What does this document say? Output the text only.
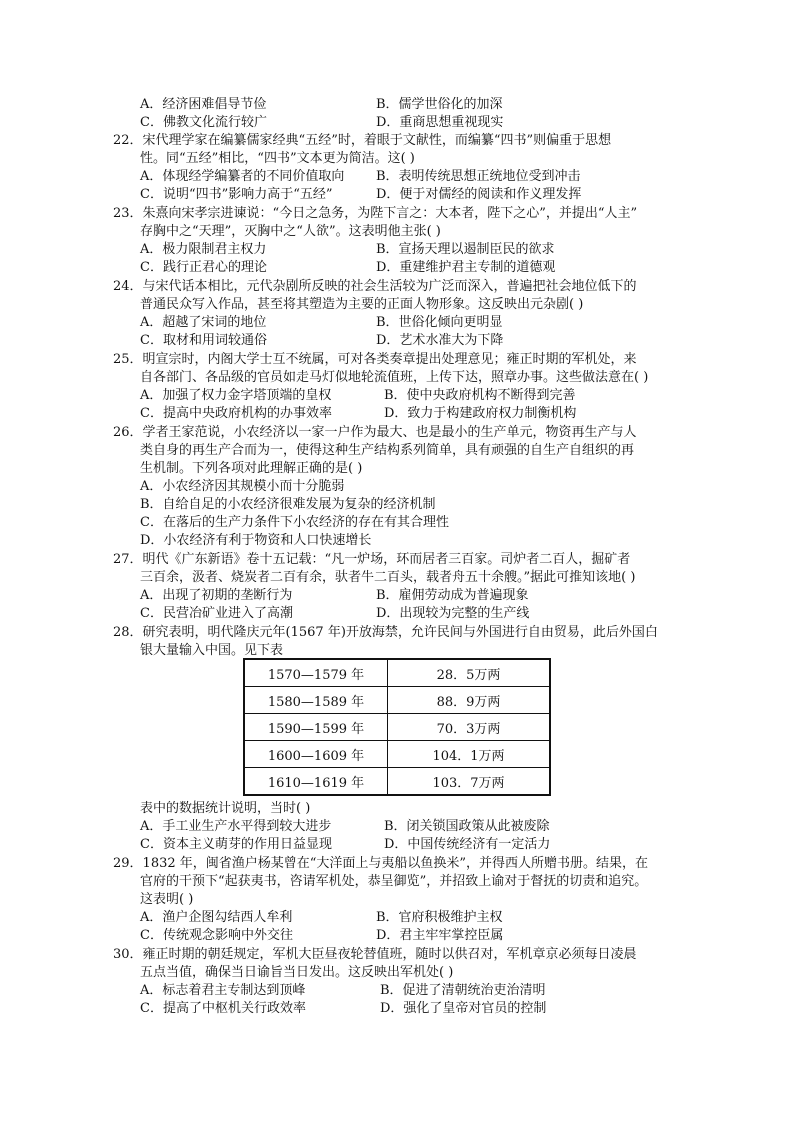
A．经济困难倡导节俭	B．儒学世俗化的加深
C．佛教文化流行较广	D．重商思想重视现实
22．宋代理学家在编纂儒家经典“五经”时，着眼于文献性，而编纂“四书”则偏重于思想
性。同“五经”相比，“四书”文本更为简洁。这( )
A．体现经学编纂者的不同价值取向 B．表明传统思想正统地位受到冲击
C．说明“四书”影响力高于“五经”	D．便于对儒经的阅读和作义理发挥
23．朱熹向宋孝宗进谏说：“今日之急务，为陛下言之：大本者，陛下之心”，并提出“人主”
存胸中之“天理”，灭胸中之“人欲”。这表明他主张( )
A．极力限制君主权力	B．宣扬天理以遏制臣民的欲求
C．践行正君心的理论	D．重建维护君主专制的道德观
24．与宋代话本相比，元代杂剧所反映的社会生活较为广泛而深入，普遍把社会地位低下的
普通民众写入作品，甚至将其塑造为主要的正面人物形象。这反映出元杂剧( )
A．超越了宋词的地位	B．世俗化倾向更明显
C．取材和用词较通俗	D．艺术水准大为下降
25．明宣宗时，内阁大学士互不统属，可对各类奏章提出处理意见；雍正时期的军机处，来
自各部门、各品级的官员如走马灯似地轮流值班，上传下达，照章办事。这些做法意在( )
A．加强了权力金字塔顶端的皇权	B．使中央政府机构不断得到完善
C．提高中央政府机构的办事效率	D．致力于构建政府权力制衡机构
26．学者王家范说，小农经济以一家一户作为最大、也是最小的生产单元，物资再生产与人
类自身的再生产合而为一，使得这种生产结构系列简单，具有顽强的自生产自组织的再
生机制。下列各项对此理解正确的是( )
A．小农经济因其规模小而十分脆弱
B．自给自足的小农经济很难发展为复杂的经济机制
C．在落后的生产力条件下小农经济的存在有其合理性
D．小农经济有利于物资和人口快速增长
27．明代《广东新语》卷十五记载：“凡一炉场，环而居者三百家。司炉者二百人，掘矿者
三百余，汲者、烧炭者二百有余，驮者牛二百头，载者舟五十余艘。”据此可推知该地( )
A．出现了初期的垄断行为	B．雇佣劳动成为普遍现象
C．民营冶矿业进入了高潮	D．出现较为完整的生产线
28．研究表明，明代隆庆元年(1567 年)开放海禁，允许民间与外国进行自由贸易，此后外国白
银大量输入中国。见下表
1570—1579 年	28．5万两
1580—1589 年	88．9万两
1590—1599 年	70．3万两
1600—1609 年	104．1万两
1610—1619 年	103．7万两
表中的数据统计说明，当时( )
A．手工业生产水平得到较大进步	B．闭关锁国政策从此被废除
C．资本主义萌芽的作用日益显现	D．中国传统经济有一定活力
29．1832 年，闽省渔户杨某曾在“大洋面上与夷船以鱼换米”，并得西人所赠书册。结果，在
官府的干预下“起获夷书，咨请军机处，恭呈御览”，并招致上谕对于督抚的切责和追究。
这表明( )
A．渔户企图勾结西人牟利	B．官府积极维护主权
C．传统观念影响中外交往	D．君主牢牢掌控臣属
30．雍正时期的朝廷规定，军机大臣昼夜轮替值班，随时以供召对，军机章京必须每日凌晨
五点当值，确保当日谕旨当日发出。这反映出军机处( )
A．标志着君主专制达到顶峰	B．促进了清朝统治吏治清明
C．提高了中枢机关行政效率	D．强化了皇帝对官员的控制
